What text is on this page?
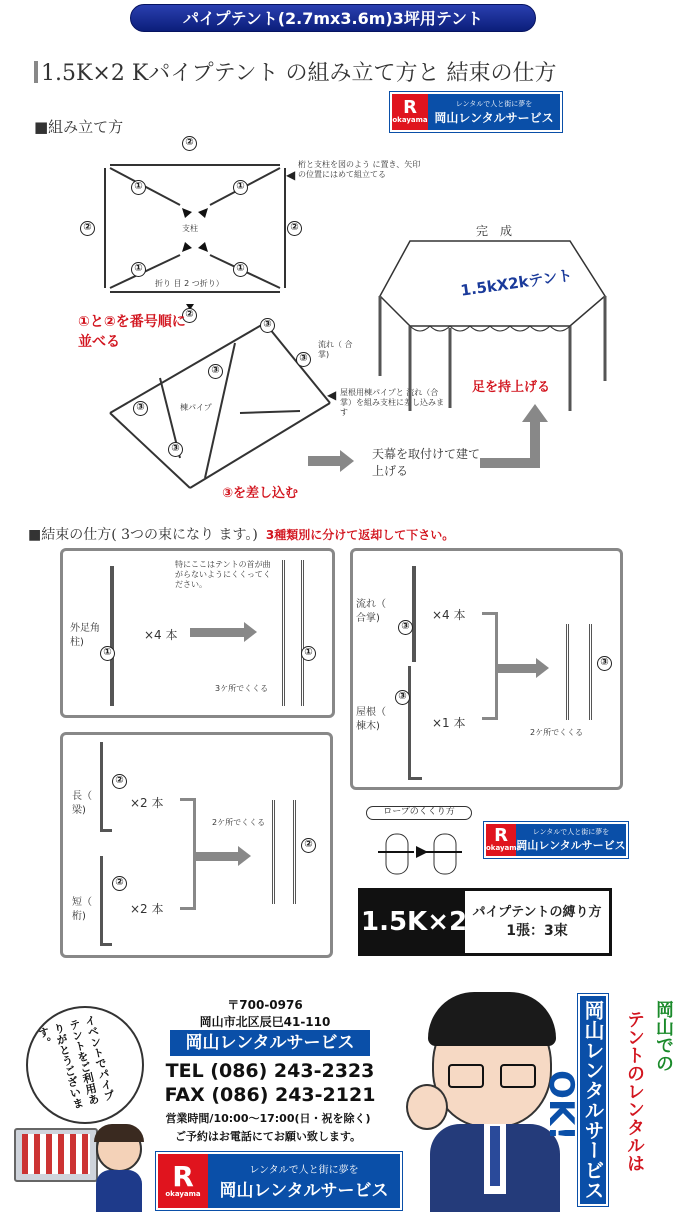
パイプテント(2.7mx3.6m)3坪用テント
1.5K×2 Kパイプテント の組み立て方と 結束の仕方
■組み立て方
R
okayama
レンタルで人と街に夢を
岡山レンタルサービス
②
①	①
②	②
①	①
②
支柱
折り 目 2 つ折り）
桁と支柱を図のよう に置き、矢印の位置にはめて組立てる
◀
①と②を番号順に並べる
③
③
③
③
③
流れ（ 合掌)
棟パイプ
屋根用棟パイプと 流れ（合掌）を組み支柱に差し込みます
◀
③を差し込む
天幕を取付けて建て上げる
完　成
1.5kX2kテント
足を持上げる
■結束の仕方( 3つの束になり ます。) 3種類別に分けて返却して下さい。
外足角柱)
①
×4 本
特にここはテントの首が曲がらないようにくくってください。
①
3ケ所でくくる
流れ（ 合掌)
③
×4 本
屋根（ 棟木)
③
×1 本
③
2ケ所でくくる
②
長（ 梁)
×2 本
②
短（ 桁)
×2 本
2ケ所でくくる
②
ロープのくくり方
R
okayama
レンタルで人と街に夢を
岡山レンタルサービス
1.5K×2K
パイプテントの縛り方
1張：3束
イベントでパイプテントをご利用ありがとうございます。
〒700-0976
岡山市北区辰巳41-110
岡山レンタルサービス
TEL (086) 243-2323
FAX (086) 243-2121
営業時間/10:00～17:00(日・祝を除く)
ご予約はお電話にてお願い致します。
R
okayama
レンタルで人と街に夢を
岡山レンタルサービス	岡山レンタルサービスで
OK!
岡山での
テントのレンタルは
